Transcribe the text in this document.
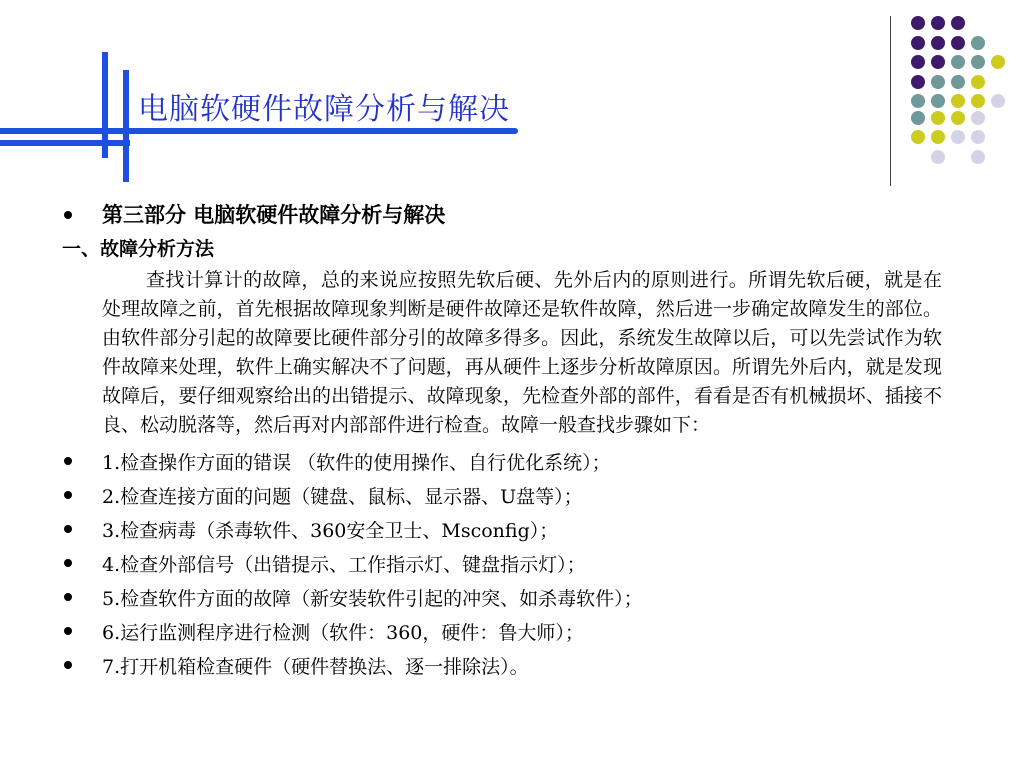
电脑软硬件故障分析与解决
第三部分 电脑软硬件故障分析与解决
一、故障分析方法
查找计算计的故障，总的来说应按照先软后硬、先外后内的原则进行。所谓先软后硬，就是在处理故障之前，首先根据故障现象判断是硬件故障还是软件故障，然后进一步确定故障发生的部位。由软件部分引起的故障要比硬件部分引的故障多得多。因此，系统发生故障以后，可以先尝试作为软件故障来处理，软件上确实解决不了问题，再从硬件上逐步分析故障原因。所谓先外后内，就是发现故障后，要仔细观察给出的出错提示、故障现象，先检查外部的部件，看看是否有机械损坏、插接不良、松动脱落等，然后再对内部部件进行检查。故障一般查找步骤如下：
1.检查操作方面的错误 （软件的使用操作、自行优化系统）；
2.检查连接方面的问题（键盘、鼠标、显示器、U盘等）；
3.检查病毒（杀毒软件、360安全卫士、Msconfig）；
4.检查外部信号（出错提示、工作指示灯、键盘指示灯）；
5.检查软件方面的故障（新安装软件引起的冲突、如杀毒软件）；
6.运行监测程序进行检测（软件：360，硬件：鲁大师）；
7.打开机箱检查硬件（硬件替换法、逐一排除法）。
